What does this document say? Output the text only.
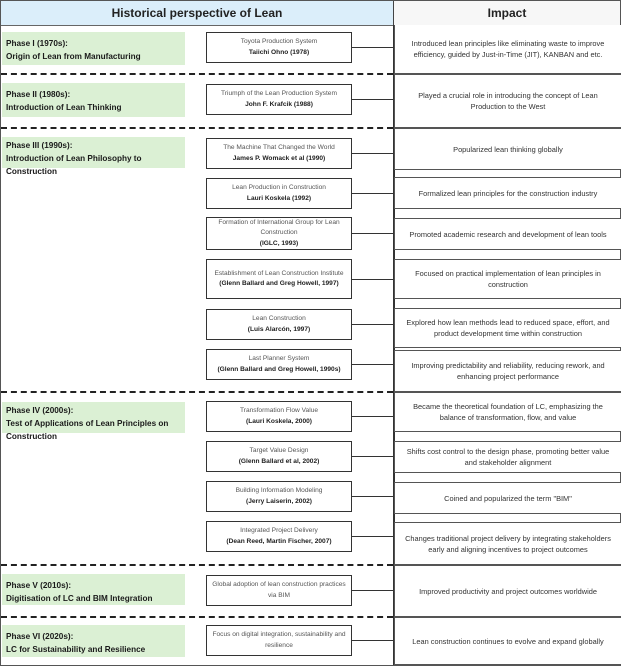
Historical perspective of Lean	Impact
Phase I (1970s):
Origin of Lean from Manufacturing
Phase II (1980s):
Introduction of Lean Thinking
Phase III (1990s):
Introduction of Lean Philosophy to Construction
Phase IV (2000s):
Test of Applications of Lean Principles on Construction
Phase V (2010s):
Digitisation of LC and BIM Integration
Phase VI (2020s):
LC for Sustainability and Resilience
Toyota Production System
Taiichi Ohno (1978)
Triumph of the Lean Production System
John F. Krafcik (1988)
The Machine That Changed the World
James P. Womack et al (1990)
Lean Production in Construction
Lauri Koskela (1992)
Formation of International Group for Lean Construction
(IGLC, 1993)
Establishment of Lean Construction Institute
(Glenn Ballard and Greg Howell, 1997)
Lean Construction
(Luis Alarcón, 1997)
Last Planner System
(Glenn Ballard and Greg Howell, 1990s)
Transformation Flow Value
(Lauri Koskela, 2000)
Target Value Design
(Glenn Ballard et al, 2002)
Building Information Modeling
(Jerry Laiserin, 2002)
Integrated Project Delivery
(Dean Reed, Martin Fischer, 2007)
Global adoption of lean construction practices via BIM
Focus on digital integration, sustainability and resilience
Introduced lean principles like eliminating waste to improve efficiency, guided by Just-in-Time (JIT), KANBAN and etc.
Played a crucial role in introducing the concept of Lean Production to the West
Popularized lean thinking globally
Formalized lean principles for the construction industry
Promoted academic research and development of lean tools
Focused on practical implementation of lean principles in construction
Explored how lean methods lead to reduced space, effort, and product development time within construction
Improving predictability and reliability, reducing rework, and enhancing project performance
Became the theoretical foundation of LC, emphasizing the balance of transformation, flow, and value
Shifts cost control to the design phase, promoting better value and stakeholder alignment
Coined and popularized the term "BIM"
Changes traditional project delivery by integrating stakeholders early and aligning incentives to project outcomes
Improved productivity and project outcomes worldwide
Lean construction continues to evolve and expand globally
